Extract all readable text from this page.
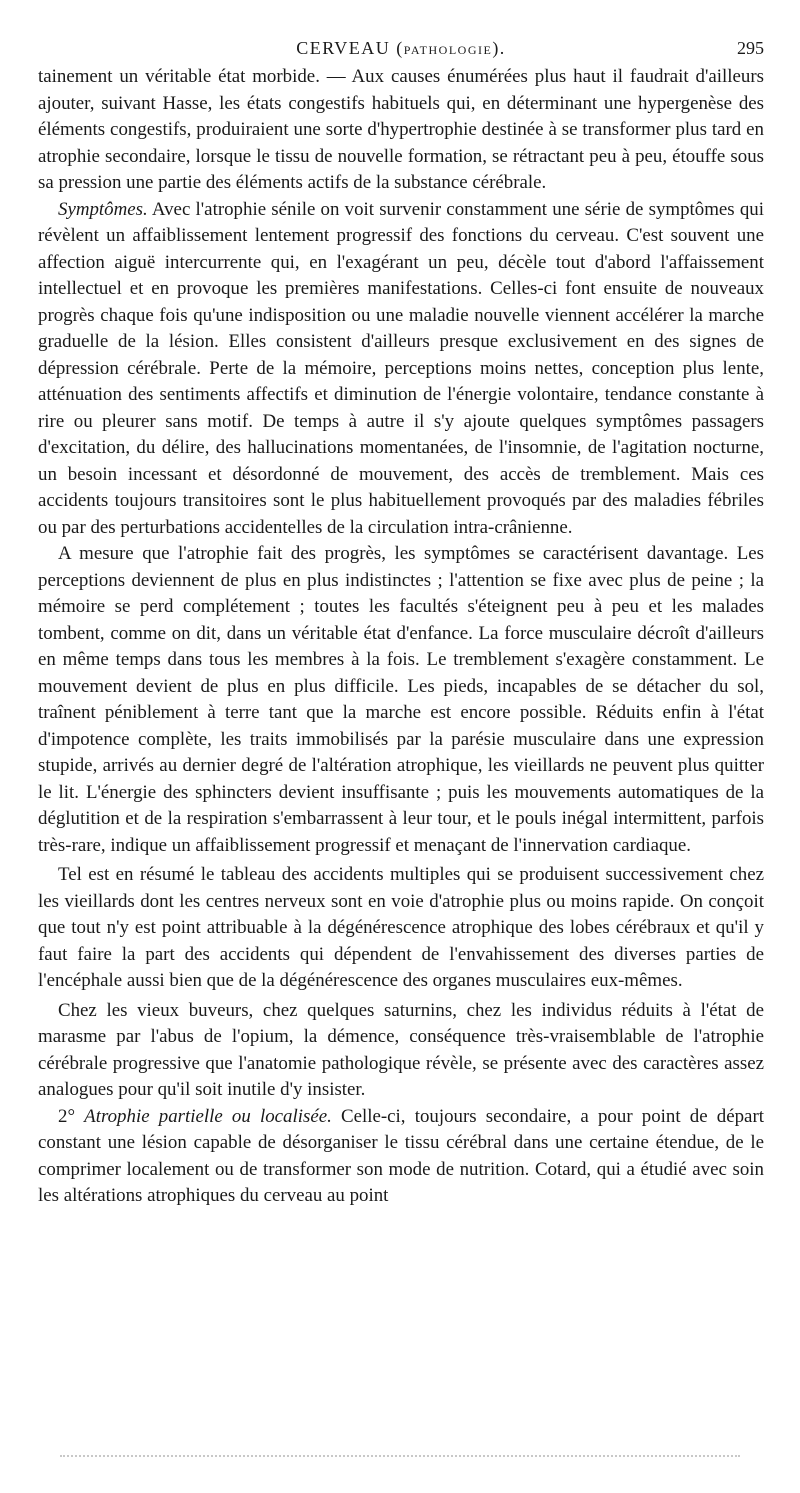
CERVEAU (PATHOLOGIE).	295

tainement un véritable état morbide. — Aux causes énumérées plus haut il faudrait d'ailleurs ajouter, suivant Hasse, les états congestifs habituels qui, en déterminant une hypergenèse des éléments congestifs, produiraient une sorte d'hypertrophie destinée à se transformer plus tard en atrophie secondaire, lorsque le tissu de nouvelle formation, se rétractant peu à peu, étouffe sous sa pression une partie des éléments actifs de la substance cérébrale.

Symptômes. Avec l'atrophie sénile on voit survenir constamment une série de symptômes qui révèlent un affaiblissement lentement progressif des fonctions du cerveau. C'est souvent une affection aiguë intercurrente qui, en l'exagérant un peu, décèle tout d'abord l'affaissement intellectuel et en provoque les premières manifestations. Celles-ci font ensuite de nouveaux progrès chaque fois qu'une indisposition ou une maladie nouvelle viennent accélérer la marche graduelle de la lésion. Elles consistent d'ailleurs presque exclusivement en des signes de dépression cérébrale. Perte de la mémoire, perceptions moins nettes, conception plus lente, atténuation des sentiments affectifs et diminution de l'énergie volontaire, tendance constante à rire ou pleurer sans motif. De temps à autre il s'y ajoute quelques symptômes passagers d'excitation, du délire, des hallucinations momentanées, de l'insomnie, de l'agitation nocturne, un besoin incessant et désordonné de mouvement, des accès de tremblement. Mais ces accidents toujours transitoires sont le plus habituellement provoqués par des maladies fébriles ou par des perturbations accidentelles de la circulation intra-crânienne.

A mesure que l'atrophie fait des progrès, les symptômes se caractérisent davantage. Les perceptions deviennent de plus en plus indistinctes ; l'attention se fixe avec plus de peine ; la mémoire se perd complétement ; toutes les facultés s'éteignent peu à peu et les malades tombent, comme on dit, dans un véritable état d'enfance. La force musculaire décroît d'ailleurs en même temps dans tous les membres à la fois. Le tremblement s'exagère constamment. Le mouvement devient de plus en plus difficile. Les pieds, incapables de se détacher du sol, traînent péniblement à terre tant que la marche est encore possible. Réduits enfin à l'état d'impotence complète, les traits immobilisés par la parésie musculaire dans une expression stupide, arrivés au dernier degré de l'altération atrophique, les vieillards ne peuvent plus quitter le lit. L'énergie des sphincters devient insuffisante ; puis les mouvements automatiques de la déglutition et de la respiration s'embarrassent à leur tour, et le pouls inégal intermittent, parfois très-rare, indique un affaiblissement progressif et menaçant de l'innervation cardiaque.

Tel est en résumé le tableau des accidents multiples qui se produisent successivement chez les vieillards dont les centres nerveux sont en voie d'atrophie plus ou moins rapide. On conçoit que tout n'y est point attribuable à la dégénérescence atrophique des lobes cérébraux et qu'il y faut faire la part des accidents qui dépendent de l'envahissement des diverses parties de l'encéphale aussi bien que de la dégénérescence des organes musculaires eux-mêmes.

Chez les vieux buveurs, chez quelques saturnins, chez les individus réduits à l'état de marasme par l'abus de l'opium, la démence, conséquence très-vraisemblable de l'atrophie cérébrale progressive que l'anatomie pathologique révèle, se présente avec des caractères assez analogues pour qu'il soit inutile d'y insister.

2° Atrophie partielle ou localisée. Celle-ci, toujours secondaire, a pour point de départ constant une lésion capable de désorganiser le tissu cérébral dans une certaine étendue, de le comprimer localement ou de transformer son mode de nutrition. Cotard, qui a étudié avec soin les altérations atrophiques du cerveau au point
